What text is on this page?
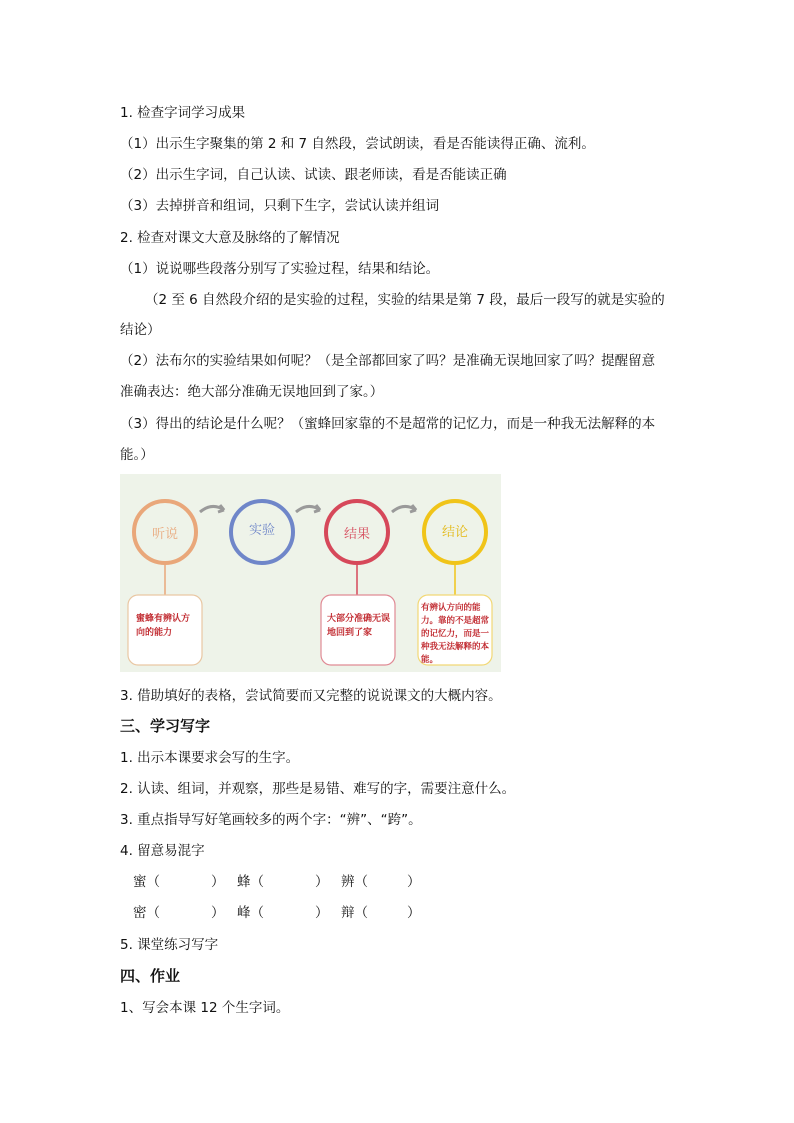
1. 检查字词学习成果
（1）出示生字聚集的第 2 和 7 自然段，尝试朗读，看是否能读得正确、流利。
（2）出示生字词，自己认读、试读、跟老师读，看是否能读正确
（3）去掉拼音和组词，只剩下生字，尝试认读并组词
2. 检查对课文大意及脉络的了解情况
（1）说说哪些段落分别写了实验过程，结果和结论。
（2 至 6 自然段介绍的是实验的过程，实验的结果是第 7 段，最后一段写的就是实验的
结论）
（2）法布尔的实验结果如何呢？（是全部都回家了吗？是准确无误地回家了吗？提醒留意
准确表达：绝大部分准确无误地回到了家。）
（3）得出的结论是什么呢？（蜜蜂回家靠的不是超常的记忆力，而是一种我无法解释的本
能。）
听说	实验	结果	结论
蜜蜂有辨认方向的能力
大部分准确无误地回到了家
有辨认方向的能力。靠的不是超常的记忆力，而是一种我无法解释的本能。
3. 借助填好的表格，尝试简要而又完整的说说课文的大概内容。
三、学习写字
1. 出示本课要求会写的生字。
2. 认读、组词，并观察，那些是易错、难写的字，需要注意什么。
3. 重点指导写好笔画较多的两个字：“辨”、“跨”。
4. 留意易混字
蜜（	） 蜂（	） 辨（	）
密（	） 峰（	） 辩（	）
5. 课堂练习写字
四、作业
1、写会本课 12 个生字词。
